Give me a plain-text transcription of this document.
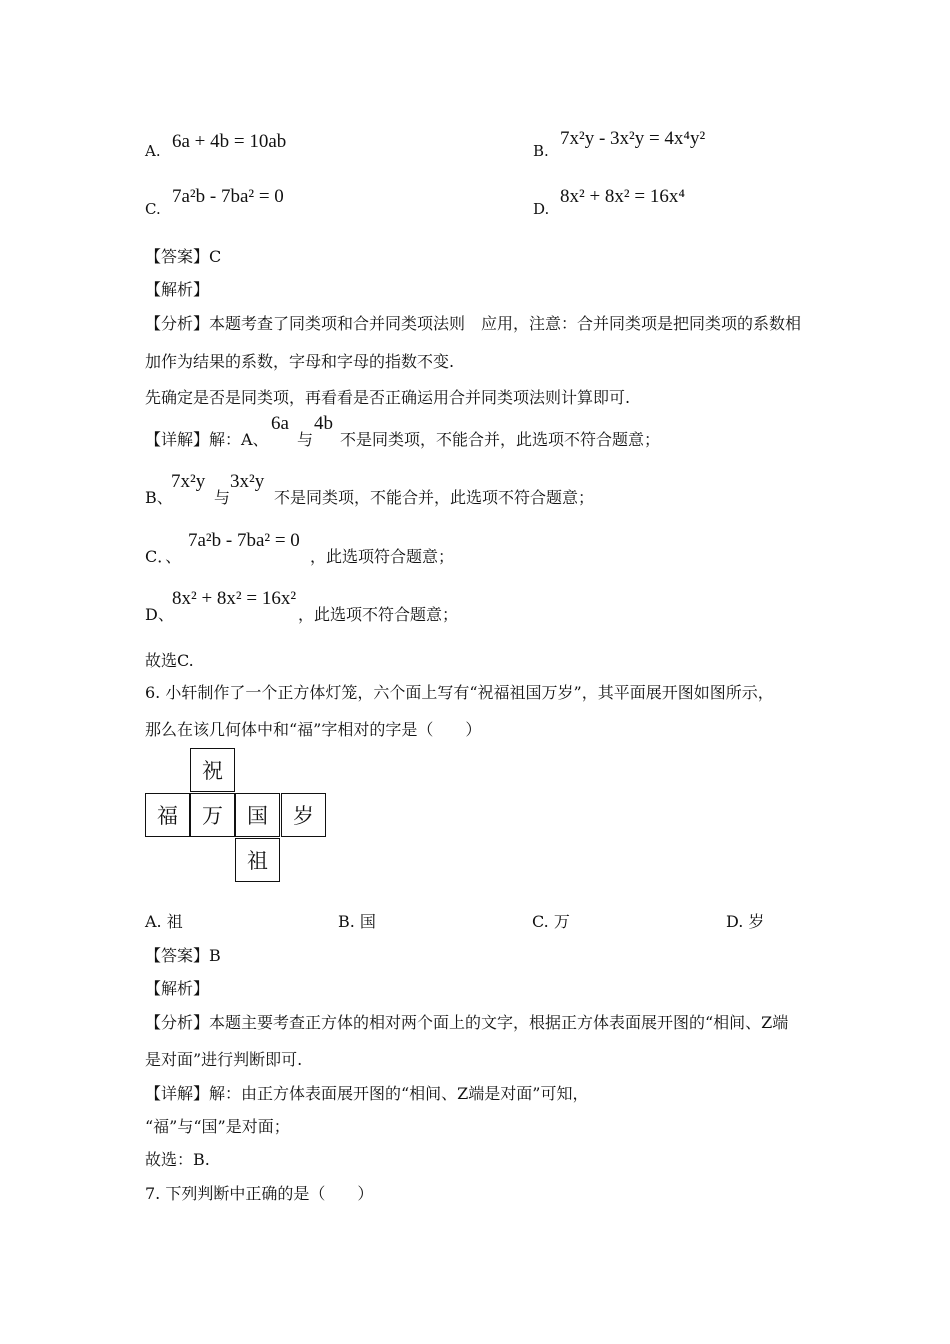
A. 6a + 4b = 10ab	B.
7x²y - 3x²y = 4x⁴y²
C.
7a²b - 7ba² = 0
D.
8x² + 8x² = 16x⁴
【答案】C
【解析】
【分析】本题考查了同类项和合并同类项法则　应用，注意：合并同类项是把同类项的系数相
加作为结果的系数，字母和字母的指数不变.
先确定是否是同类项，再看看是否正确运用合并同类项法则计算即可.
【详解】解：A、
6a
与
4b
不是同类项，不能合并，此选项不符合题意；
B、
7x²y
与
3x²y
不是同类项，不能合并，此选项不符合题意；
C．、
7a²b - 7ba² = 0
，此选项符合题意；
D、
8x² + 8x² = 16x²
，此选项不符合题意；
故选C.
6. 小轩制作了一个正方体灯笼，六个面上写有“祝福祖国万岁”，其平面展开图如图所示，
那么在该几何体中和“福”字相对的字是（　　）
祝
福	万	国	岁
祖
A. 祖	B. 国	C. 万	D. 岁
【答案】B
【解析】
【分析】本题主要考查正方体的相对两个面上的文字，根据正方体表面展开图的“相间、Z端
是对面”进行判断即可.
【详解】解：由正方体表面展开图的“相间、Z端是对面”可知，
“福”与“国”是对面；
故选：B.
7. 下列判断中正确的是（　　）
